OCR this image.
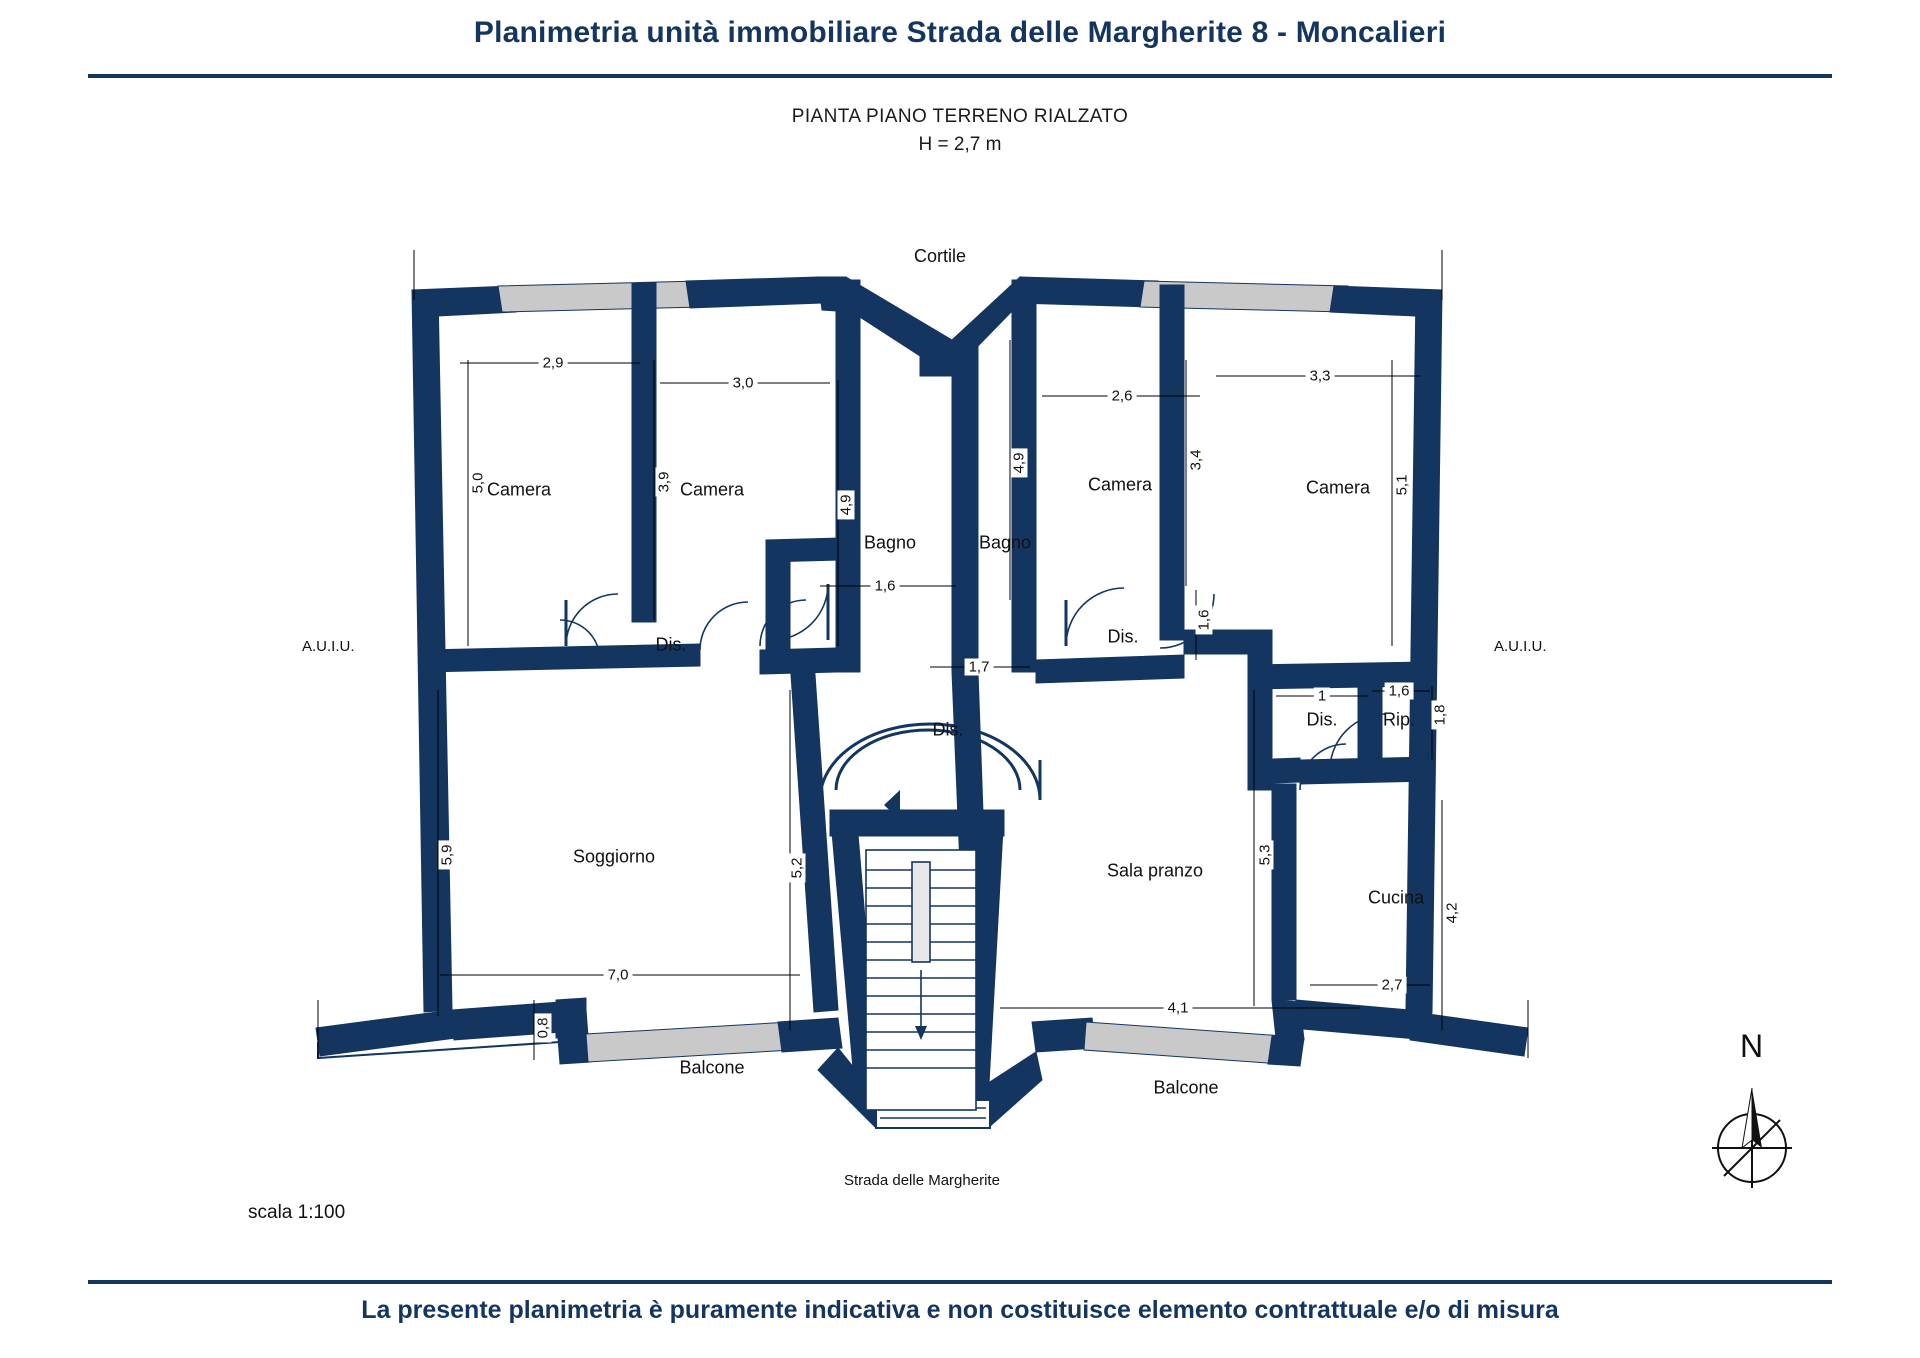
Planimetria unità immobiliare Strada delle Margherite 8 - Moncalieri
PIANTA PIANO TERRENO RIALZATO
H = 2,7 m
Cortile
Strada delle Margherite
A.U.I.U.	A.U.I.U.
N
scala 1:100
Camera	Camera
Bagno	Bagno
Camera	Camera
Dis.	Dis.
Dis.	Dis.	Rip.
Soggiorno
Sala pranzo
Cucina
Balcone
Balcone
2,9
3,0
2,6
3,3
5,0	3,9
4,9
4,9	3,4
5,1
1,6
1,6
1,7
1	1,6
1,8
5,9
5,2
5,3
4,2
7,0
0,8
4,1
2,7
La presente planimetria è puramente indicativa e non costituisce elemento contrattuale e/o di misura
